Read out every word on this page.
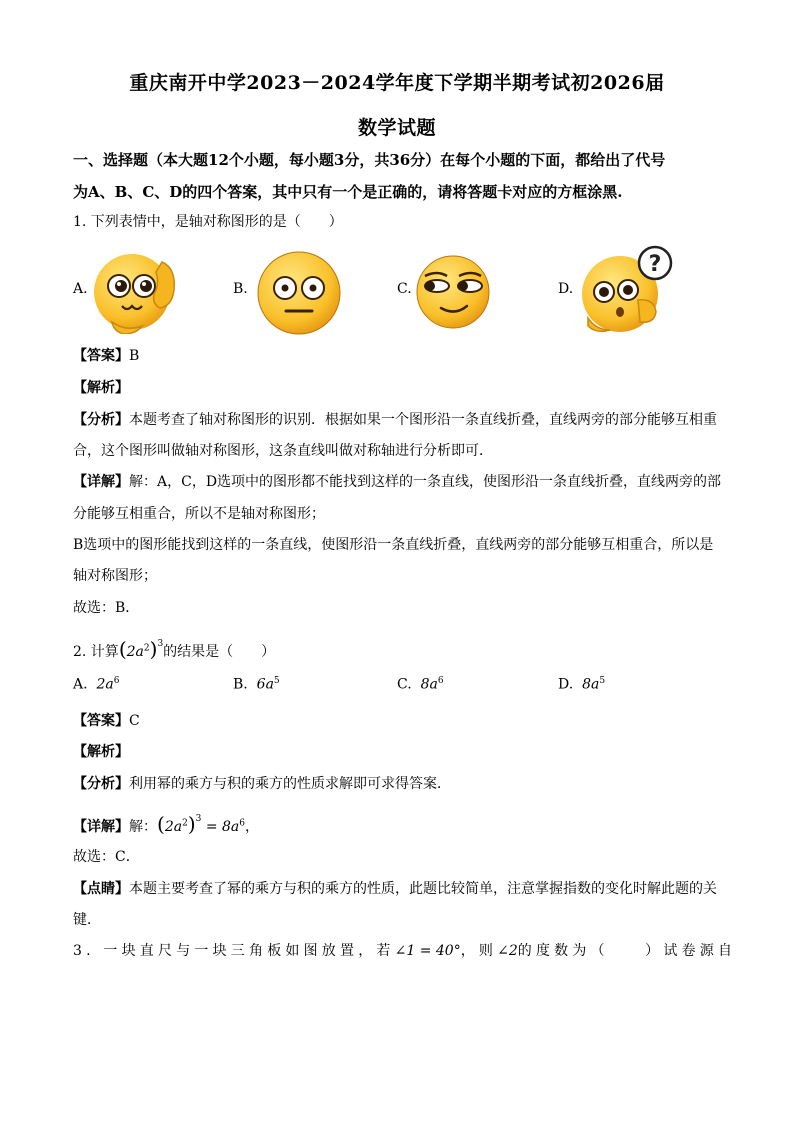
重庆南开中学2023－2024学年度下学期半期考试初2026届
数学试题
一、选择题（本大题12个小题，每小题3分，共36分）在每个小题的下面，都给出了代号
为A、B、C、D的四个答案，其中只有一个是正确的，请将答题卡对应的方框涂黑.
1. 下列表情中，是轴对称图形的是（　　）
A.	B.	C.	D.
?
【答案】B
【解析】
【分析】本题考查了轴对称图形的识别．根据如果一个图形沿一条直线折叠，直线两旁的部分能够互相重
合，这个图形叫做轴对称图形，这条直线叫做对称轴进行分析即可．
【详解】解：A，C，D选项中的图形都不能找到这样的一条直线，使图形沿一条直线折叠，直线两旁的部
分能够互相重合，所以不是轴对称图形；
B选项中的图形能找到这样的一条直线，使图形沿一条直线折叠，直线两旁的部分能够互相重合，所以是
轴对称图形；
故选：B．
2. 计算$(2a^2)^3$的结果是（　　）
A. $2a^6$	B. $6a^5$	C. $8a^6$	D. $8a^5$
【答案】C
【解析】
【分析】利用幂的乘方与积的乘方的性质求解即可求得答案．
【详解】解：$(2a^2)^3 = 8a^6$，
故选：C．
【点睛】本题主要考查了幂的乘方与积的乘方的性质，此题比较简单，注意掌握指数的变化时解此题的关
键．
3. 一块直尺与一块三角板如图放置，若∠1 = 40°，则∠2的度数为（　　）试卷源自
